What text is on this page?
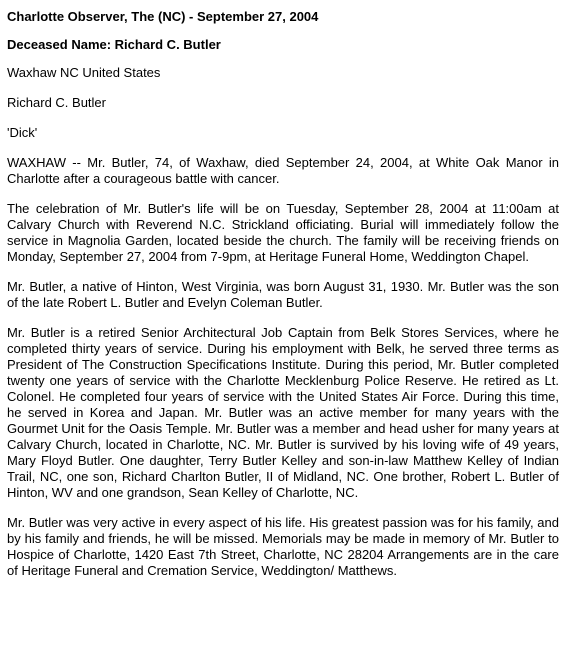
Charlotte Observer, The (NC) - September 27, 2004
Deceased Name: Richard C. Butler
Waxhaw NC United States
Richard C. Butler
'Dick'

WAXHAW -- Mr. Butler, 74, of Waxhaw, died September 24, 2004, at White Oak Manor in Charlotte after a courageous battle with cancer.

The celebration of Mr. Butler's life will be on Tuesday, September 28, 2004 at 11:00am at Calvary Church with Reverend N.C. Strickland officiating. Burial will immediately follow the service in Magnolia Garden, located beside the church. The family will be receiving friends on Monday, September 27, 2004 from 7-9pm, at Heritage Funeral Home, Weddington Chapel.

Mr. Butler, a native of Hinton, West Virginia, was born August 31, 1930. Mr. Butler was the son of the late Robert L. Butler and Evelyn Coleman Butler.

Mr. Butler is a retired Senior Architectural Job Captain from Belk Stores Services, where he completed thirty years of service. During his employment with Belk, he served three terms as President of The Construction Specifications Institute. During this period, Mr. Butler completed twenty one years of service with the Charlotte Mecklenburg Police Reserve. He retired as Lt. Colonel. He completed four years of service with the United States Air Force. During this time, he served in Korea and Japan. Mr. Butler was an active member for many years with the Gourmet Unit for the Oasis Temple. Mr. Butler was a member and head usher for many years at Calvary Church, located in Charlotte, NC. Mr. Butler is survived by his loving wife of 49 years, Mary Floyd Butler. One daughter, Terry Butler Kelley and son-in-law Matthew Kelley of Indian Trail, NC, one son, Richard Charlton Butler, II of Midland, NC. One brother, Robert L. Butler of Hinton, WV and one grandson, Sean Kelley of Charlotte, NC.

Mr. Butler was very active in every aspect of his life. His greatest passion was for his family, and by his family and friends, he will be missed. Memorials may be made in memory of Mr. Butler to Hospice of Charlotte, 1420 East 7th Street, Charlotte, NC 28204 Arrangements are in the care of Heritage Funeral and Cremation Service, Weddington/ Matthews.
